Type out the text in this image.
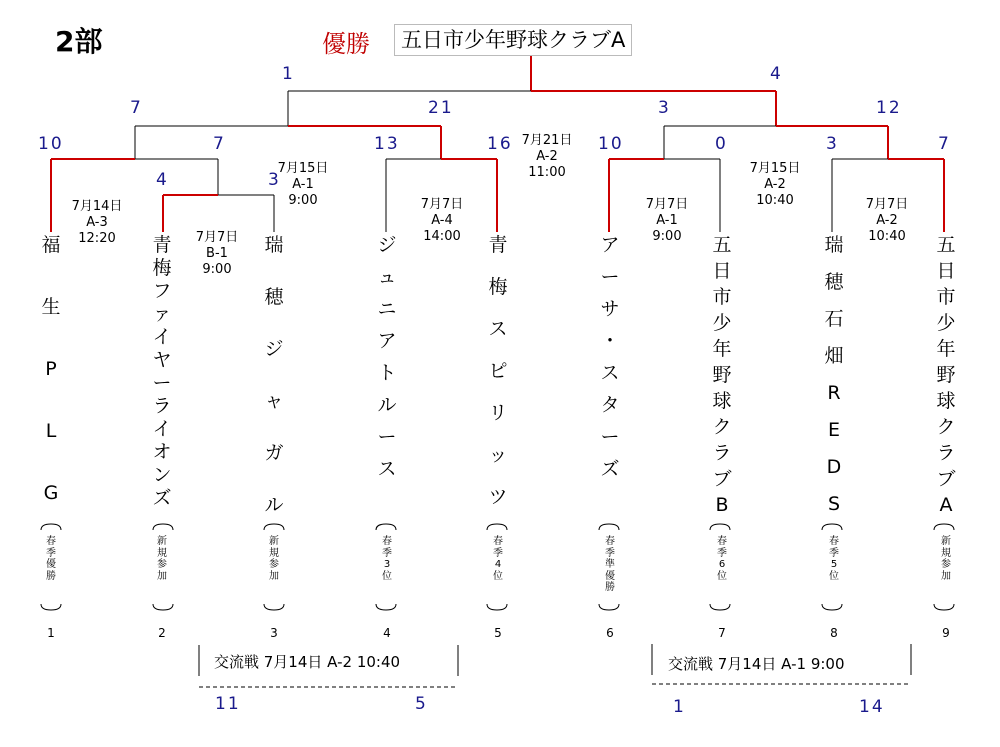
2部	優勝	五日市少年野球クラブA
1	4
7	21	3	12
10	7	13	16	10	0	3	7
4	3

7月21日
A-2
11:00

7月15日
A-1
9:00

7月15日
A-2
10:40

7月14日
A-3
12:20

7月7日
A-4
14:00

7月7日
A-1
9:00

7月7日
A-2
10:40

7月7日
B-1
9:00

福
生
P
L
G
青
梅
フ
ァ
イ
ヤ
ー
ラ
イ
オ
ン
ズ
瑞
穂
ジ
ャ
ガ
ル
ジ
ュ
ニ
ア
ト
ル
ー
ス
青
梅
ス
ピ
リ
ッ
ツ
ア
ー
サ
・
ス
タ
ー
ズ
五
日
市
少
年
野
球
ク
ラ
ブ
B
瑞
穂
石
畑
R
E
D
S
五
日
市
少
年
野
球
ク
ラ
ブ
A
春
季
優
勝
新
規
参
加
新
規
参
加
春
季
3
位
春
季
4
位
春
季
準
優
勝
春
季
6
位
春
季
5
位
新
規
参
加
1	2	3	4	5	6	7	8	9
交流戦 7月14日 A-2 10:40
11	5
交流戦 7月14日 A-1 9:00
1	14
